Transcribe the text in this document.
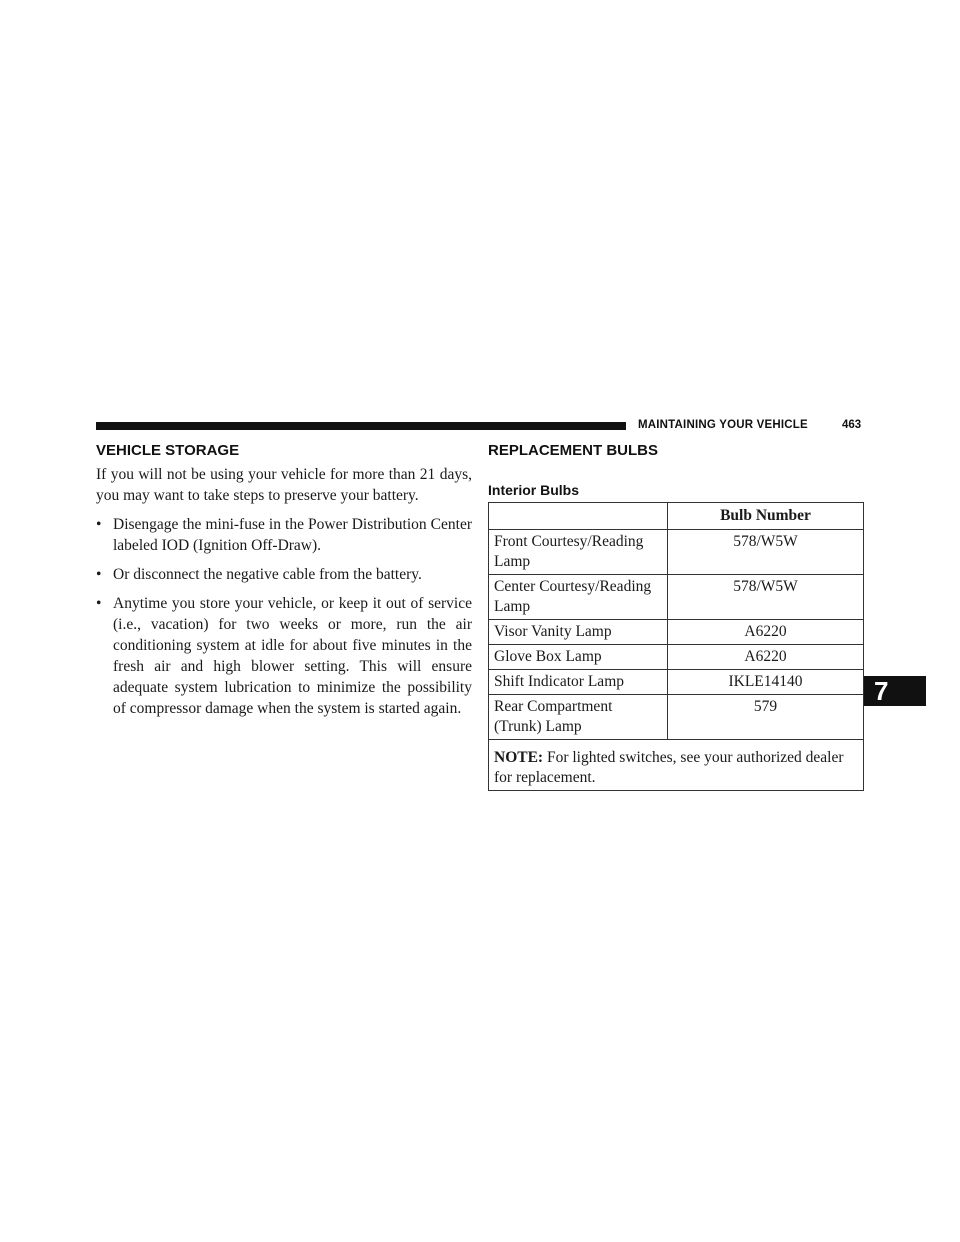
MAINTAINING YOUR VEHICLE	463
7
VEHICLE STORAGE

If you will not be using your vehicle for more than 21 days, you may want to take steps to preserve your battery.

• Disengage the mini-fuse in the Power Distribution Center labeled IOD (Ignition Off-Draw).
• Or disconnect the negative cable from the battery.
• Anytime you store your vehicle, or keep it out of service (i.e., vacation) for two weeks or more, run the air conditioning system at idle for about five minutes in the fresh air and high blower setting. This will ensure adequate system lubrication to minimize the possibility of compressor damage when the system is started again.
REPLACEMENT BULBS
Interior Bulbs
	Bulb Number
Front Courtesy/Reading Lamp	578/W5W
Center Courtesy/Reading Lamp	578/W5W
Visor Vanity Lamp	A6220
Glove Box Lamp	A6220
Shift Indicator Lamp	IKLE14140
Rear Compartment (Trunk) Lamp	579
NOTE: For lighted switches, see your authorized dealer for replacement.	
